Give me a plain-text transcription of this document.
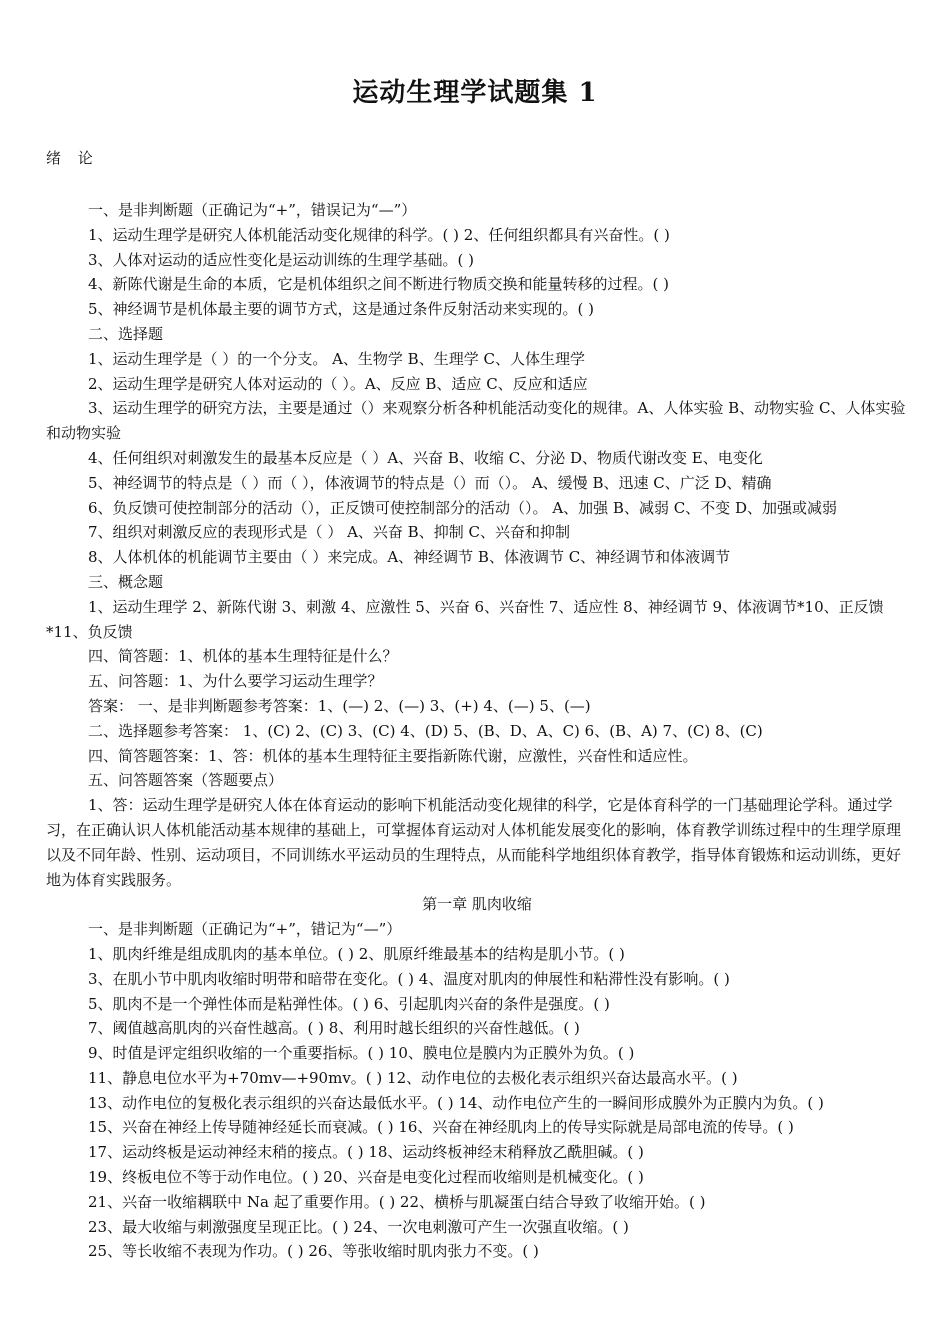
运动生理学试题集 1
绪 论
一、是非判断题（正确记为“+”，错误记为“—”）
1、运动生理学是研究人体机能活动变化规律的科学。( ) 2、任何组织都具有兴奋性。( )
3、人体对运动的适应性变化是运动训练的生理学基础。( )
4、新陈代谢是生命的本质，它是机体组织之间不断进行物质交换和能量转移的过程。( )
5、神经调节是机体最主要的调节方式，这是通过条件反射活动来实现的。( )
二、选择题
1、运动生理学是（ ）的一个分支。 A、生物学 B、生理学 C、人体生理学
2、运动生理学是研究人体对运动的（ ）。A、反应 B、适应 C、反应和适应
3、运动生理学的研究方法，主要是通过（）来观察分析各种机能活动变化的规律。A、人体实验 B、动物实验 C、人体实验和动物实验
4、任何组织对刺激发生的最基本反应是（ ）A、兴奋 B、收缩 C、分泌 D、物质代谢改变 E、电变化
5、神经调节的特点是（ ）而（ ），体液调节的特点是（）而（）。 A、缓慢 B、迅速 C、广泛 D、精确
6、负反馈可使控制部分的活动（），正反馈可使控制部分的活动（）。 A、加强 B、减弱 C、不变 D、加强或减弱
7、组织对刺激反应的表现形式是（ ） A、兴奋 B、抑制 C、兴奋和抑制
8、人体机体的机能调节主要由（ ）来完成。A、神经调节 B、体液调节 C、神经调节和体液调节
三、概念题
1、运动生理学 2、新陈代谢 3、刺激 4、应激性 5、兴奋 6、兴奋性 7、适应性 8、神经调节 9、体液调节*10、正反馈*11、负反馈
四、简答题：1、机体的基本生理特征是什么？
五、问答题：1、为什么要学习运动生理学？
答案： 一、是非判断题参考答案：1、(—) 2、(—) 3、(+) 4、(—) 5、(—)
二、选择题参考答案： 1、(C) 2、(C) 3、(C) 4、(D) 5、(B、D、A、C) 6、(B、A) 7、(C) 8、(C)
四、简答题答案：1、答：机体的基本生理特征主要指新陈代谢，应激性，兴奋性和适应性。
五、问答题答案（答题要点）
1、答：运动生理学是研究人体在体育运动的影响下机能活动变化规律的科学，它是体育科学的一门基础理论学科。通过学习，在正确认识人体机能活动基本规律的基础上，可掌握体育运动对人体机能发展变化的影响，体育教学训练过程中的生理学原理以及不同年龄、性别、运动项目，不同训练水平运动员的生理特点，从而能科学地组织体育教学，指导体育锻炼和运动训练，更好地为体育实践服务。
第一章 肌肉收缩
一、是非判断题（正确记为“+”，错记为“—”）
1、肌肉纤维是组成肌肉的基本单位。( ) 2、肌原纤维最基本的结构是肌小节。( )
3、在肌小节中肌肉收缩时明带和暗带在变化。( ) 4、温度对肌肉的伸展性和粘滞性没有影响。( )
5、肌肉不是一个弹性体而是粘弹性体。( ) 6、引起肌肉兴奋的条件是强度。( )
7、阈值越高肌肉的兴奋性越高。( ) 8、利用时越长组织的兴奋性越低。( )
9、时值是评定组织收缩的一个重要指标。( ) 10、膜电位是膜内为正膜外为负。( )
11、静息电位水平为+70mv—+90mv。( ) 12、动作电位的去极化表示组织兴奋达最高水平。( )
13、动作电位的复极化表示组织的兴奋达最低水平。( ) 14、动作电位产生的一瞬间形成膜外为正膜内为负。( )
15、兴奋在神经上传导随神经延长而衰减。( ) 16、兴奋在神经肌肉上的传导实际就是局部电流的传导。( )
17、运动终板是运动神经末稍的接点。( ) 18、运动终板神经末稍释放乙酰胆碱。( )
19、终板电位不等于动作电位。( ) 20、兴奋是电变化过程而收缩则是机械变化。( )
21、兴奋一收缩耦联中 Na 起了重要作用。( ) 22、横桥与肌凝蛋白结合导致了收缩开始。( )
23、最大收缩与刺激强度呈现正比。( ) 24、一次电刺激可产生一次强直收缩。( )
25、等长收缩不表现为作功。( ) 26、等张收缩时肌肉张力不变。( )
